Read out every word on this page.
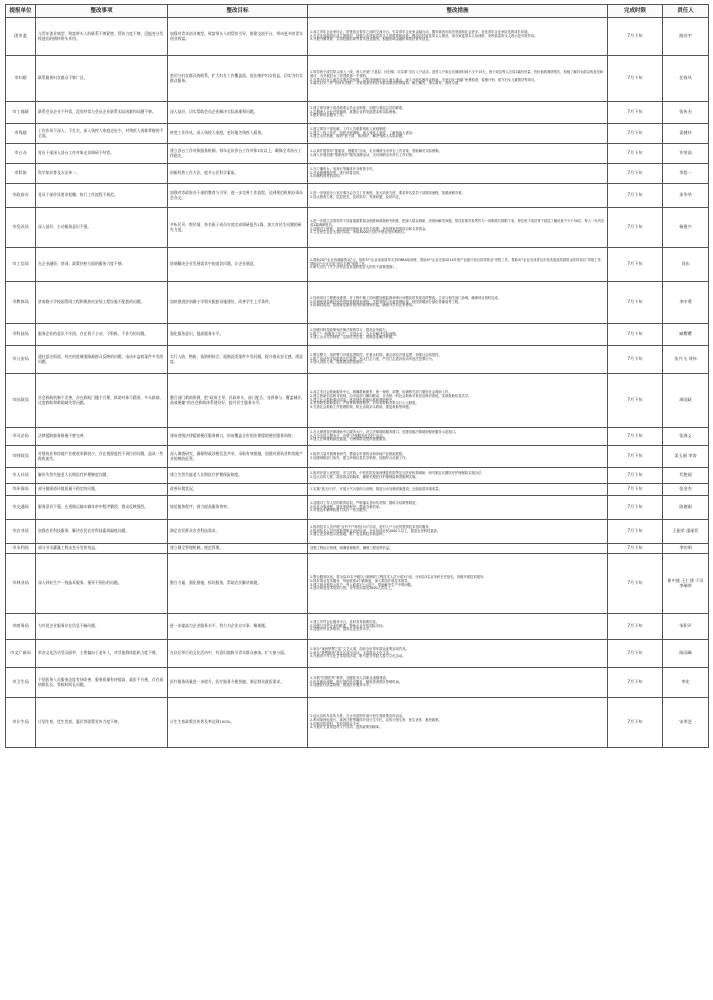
提报单位	整改事项	整改目标	整改措施	完成时限	责任人
团市委	与青年创业典型、致富带头人的联系不够紧密，帮扶力度不够，没能充分发挥他们的榜样带头作用。	加强对青年创业典型、致富带头人的帮扶引导，搭建交流平台，带动更多的青年创业致富。	1.成立青年企业家协会，搭建创业青年之间的交流平台，引导青年企业家金融互动，服务莱西市经济发展和社会进步，优化青年企业家队伍的成长环境。
2.在农业高新园区成立团组织，加强与农村致富带头人的联系和培养，摸清农村致富带头人情况，举办致富带头人培训班，发挥致富带头人的示范引领作用。
3.开展小额贷款、实用技能培训等青年创业服务，积极协调金融机构帮扶青年创业。	7月下旬	路苏宇
市妇联	联系服务妇女群众不够广泛。	密切与妇女群众的联系，扩大妇女工作覆盖面，依法维护妇女权益，切实为妇女群众服务。	1.领导班子成员带头深入一线，深入开展“下基层，访妇情，办实事”走访入户活动，进村入户和走访调研时间不少于15天，班子成员每人完成1篇有份量，有价值的调研报告，积极了解妇女群众的意见和建议，为开展妇女工作提供第一手资料。
2.完善为妇女儿童办实事长效机制，以帮扶困难妇女儿童为重点，深入开展贫困母亲救助、关爱妇女“两癌”免费检查、春蕾计划、留守妇女儿童帮扶等项目。
3.落实妇女工作“首问负责制”，对来电来访的妇女群众做到热情接待、耐心解答，细心疏导，及时反馈。	7月下旬	任春风
市工商联	联系会员企业不经常，没有经常与会员企业联系实际困难和问题不够。	深入基层，切实帮助会员企业解决实际困难和问题。	1.建立领导班子成员联系会员企业制度，加强与基层会员的联系。
2.定期深入企业开展调研，掌握企业的发展需求和实际困难。
3.做好商协会服务工作。	7月下旬	张传杰
市残联	工作作风不深入，不扎实，深入残疾人家庭走访少，对残疾人困难掌握的不全面。	转变工作作风，深入残疾人家庭，更好地为残疾人服务。	1.建立领导干部包镇、工作人员联系残疾人家庭制度。
2.建立一线工作法，组织开展调研，深入残疾人家庭，了解残疾人需求。
3.建立走访档案，做到“底子清、情况明”，解决残疾人实际问题。	7月下旬	姜健玲
市台办	党员干部深入涉台工作对象走访调研不经常。	建立涉台工作对象服务机制，每年走访涉台工作对象2次以上，确保全市涉台工作稳定。	1.认真开展领导“提素质、强服务”活动，走访调研全市涉台工作对象，帮助解决实际困难。
2.深入开展创建“情系两岸”服务品牌活动，走访调研全市涉台工作对象。	7月下旬	许培高
市科协	科学知识普及方法单一。	创新科普工作方法，提升公民科学素质。	1.在广播电台、电视台等媒体开办科普专栏。
2.开设微博微信等，进行科普宣传。
3.印刷科普材料宣传。	7月下旬	李思一
市政府办	党员干部作风要求松懈，执行工作流程不规范。	加强对市政府办干部的教育与引导，进一步完善工作流程，达到规范机制办事办会办文。	1.进一步规范办公室办事办会办文工作流程，加大培训力度，要求每名党员干部熟知流程，按照流程办事。
2.加大督查力度，层层把关，及时指导，发现问题，及时纠正。	7月下旬	朱华华
市发改局	深入基层、主动服务意识不强。	多听民声，察民情，每名班子成员年底完成调研报告1篇，加大对民生问题的研究力度。	1.进一步建立完善领导干部直接联系群众制度和调查研究制度，把深入群众调研，到现场解决问题，帮扶贫困对象等作为一项制度长期抓下来，每位班子成员每下基层了解民意不少于30次，每人一年内完成1篇调研报告。
2.加强对上联系，及时获取国家和省市有关政策，争取国家投资项目和支持资金。
3.立足民生农业大县的实际，争取3000万元的小型农田水利项目。	7月下旬	杨建兴
市工信局	在企业融资、培训、政策扶持方面的服务力度不够。	协调解决企业发展需求中的追切问题，让企业满意。	1.帮助20户企业协调融资1亿元，组织5户企业参加清华大学EMBA培训班，帮助5户企业完成2014年度产业振兴项目扶持资金“申报工作，帮助3户企业完成青岛市技术改造奖励资金扶持项目”申报工作，帮助2户企业完成“青岛名牌”申报工作。
2.研究出台《关于扶持企业发展转型壮大的若干政策措施》。	7月下旬	刘东
市教体局	济南路小学校园管网工程和换热站安装工程设施不配套的问题。	加快推进济南路小学相关配套设施建设，改善学生上学条件。	1.加快项目工程建设进度，对工程中施工的问题加强监督和审计问题及时发现及时整改，主动与相关部门协调，确保项目按时完成。
2.协调规划局做好校外供热管路规划审批，学校管网与市政管网衔接，校园供暖部分绿化带铺装等工程。
3.协调供电局，按照规定做好校内的规划和安装，确保开学后正常使用。	7月下旬	李中勇
市科技局	服务企业的意识不牢固，存在着不主动、不积极、不作为的问题。	强化服务意识，提高服务水平。	1.加强对科技政策和法律法规的学习，提高业务能力。
2.推广“一线服务工作法”，走进企业，为企业解决实际问题。
3.建立企业走访制度，定期走访企业，帮助企业解决问题。	7月下旬	臧樱樱
市公安局	通往夏庄街道、村庄的进城道路被群众反映的问题，电动车盗窃案件多发的问题。	实行入防、物防，技防相结合，遏制此类案件多发问题，提升群众安全感、满意度。	1.整合警力，组织警力开展巡逻防控，在重点时段、重点部位开展巡逻，加强社会面管控。
2.推广电动车安装防盗定位装置，加大打击力度，严厉打击盗窃电动车违法犯罪行为。
3.加大宣传力度，提高群众防范意识。	7月下旬	张兴飞 刘伟
市民政局	社会救助机制不完善，存在救助门槛不合理、救助对象不精准、多头救助、过度救助和救助缺失等问题。	整合部门救助资源，把“政府主导、民政牵头、部门配合、各界参与、覆盖城乡、高效便捷”的社会救助体系建设好，提升民生服务水平。	1.成立市社会救助服务中心，明确救助职责，统一规划，部署，协调相关部门做好社会救助工作。
2.建立救助信息核对机制，由市直部门横向联动，全市统一的社会救助对象信息核对系统，实现救助信息共享。
3.建立社会救助事项清单，逐项细化救助标准和救助程序。
4.坚持阳光救助原则，严格审核审批程序，对所有救助对象实行公示制度。
5.完善社会救助工作管理机制，防止出现多头救助、重复救助等问题。	7月下旬	周国政
市司法局	法律援助服务措施不够完善。	建成省级法律援助便民服务窗口，形成覆盖全市的法律援助便民服务网络。	1.在大厦建设法律援助中心服务大厅，设立法律援助服务窗口，创建省级法律援助便民服务示范窗口。
2.在全市设立服务点，开展“法律服务进农村”活动。
3.建立法律援助绿色通道，为困难群众提供便捷服务。	7月下旬	张海义
市财政局	对建筑业和房地产业税收来源较少，存在税源监控不到位的问题，造成一些税收流失。	深入调查研究，确保财政涉税信息共享，采取有效措施，加强对建筑业和房地产业的税收征管。	1.组织力量开展调查研究，摸清全市建筑业和房地产业税源底数。
2.加强财税部门协作，建立涉税信息共享机制，加强综合治税工作。	7月下旬	姜玉刚 李涛
市人社局	解决失智失能老人长期医疗护理制度问题。	建立失智失能老人长期医疗护理保险制度。	1.组织开展人民医院、市立医院、中医医院及莱西康复医院等定点医疗机构调研，研究制定长期医疗护理保险实施办法。
2.加大宣传力度，提高群众知晓率，确保长期医疗护理保险制度顺利实施。	7月下旬	代艳丽
市环保局	部分镇街道环境质量不稳定的问题。	改善环境状况。	1.实施“蓝天行动”，开展大气污染综合治理，推进污水处理设施建设，全面改善环境质量。	7月下旬	张金杰
市交通局	服务意识不强，在道路运输车辆年审中程序繁琐，群众反映强烈。	规范服务程序，着力提高服务效率。	1.加强对工作人员的教育培训，严格落实首问负责制、限时办结制等制度。
2.优化办事流程，简化审批程序，提高办事效率。
3.对营运车辆审验窗口实行一站式服务。	7月下旬	陈德刚
市农业局	加强农业科技服务，解决农民农业科技素质偏低问题。	满足农民群众农业科技需求。	1.组织技术人员开展“百村千户科技行动”活动，进村入户为农民提供技术指导服务。
2.组织技术人员开展新型职业农民培训，全年培训农民2000人以上，提高农民科技素质。
3.建立农业科技示范基地，推广农业新技术新品种。	7月下旬	王振荣 邵丽臣
市水利局	部分节水灌溉工程未充分发挥效益。	建立健全管理机制，规范管理。	加强工程运行管理，明确管理职责，确保工程发挥效益。	7月下旬	李功明
市林业局	深入林业生产一线技术服务、指导不到位的问题。	整合力量，强化措施，抓好服务，帮助农民解决难题。	1.整合服务队伍，将全局12名中级以上职称的工程技术人员分成3个组，分别由3名业务科长任组长，到镇开展技术服务。
2.抓好果业技术服务，每组联系4个镇街道，深入果园开展技术指导。
3.建立林业科技示范户，每人联系2个示范户，帮助解决生产中的问题。
4.加大林业技术培训力度，全年培训果农2000人次以上。	7月下旬	崔中波 王仁建 于洋 李瑞荣
市商务局	为外贸企业服务存在信息不畅问题。	进一步提高为企业服务水平，努力为企业办实事、解难题。	1.建立外贸企业服务平台，及时发布政策信息。
2.加强与外贸企业的联系，帮助企业开拓国际市场。
3.加强外贸业务培训，提高企业业务水平。	7月下旬	邹积声
市文广新局	举办文化活动受众面窄，主要偏向于老年人，对其他群体组织力度不够。	在以后举行的文化活动中，有意识地吸引青年群众参加，扩大参与面。	1.举办“莱西梦想之星”文艺大赛，面向全市青年群众征集参赛作品。
2.举办“梦想剧场”进社区演出活动，丰富群众文化生活。
3.开展青少年文化艺术培训活动，吸引更多年轻人参与文化活动。	7月下旬	陈国峰
市卫生局	个别医务人员服务态度有待改善，服务质量有待提高，就医不方便，存在看病排队长、等候时间长问题。	医疗服务质量进一步提升，医疗服务方便快捷，满足群众就医需求。	1.开展“医德医风”教育，加强医务人员职业道德建设。
2.优化就诊流程，推行预约诊疗服务，缩短患者排队等候时间。
3.加强医疗质量管理，提高医疗服务水平。	7月下旬	李宏
市计生局	计划生育，优生优育，惠民等政策宣传力度不够。	计生生育政策宣传普及率达到100%。	1.加大宣传车宣传力度，在全市范围开展计划生育政策宣传活动。
2.利用莱西电视台、莱西日报等媒体开设计生专栏，宣传计划生育、优生优育、惠民政策。
3.印制宣传资料，发放到群众手中。
4.开展计生宣传进村入户活动，提高政策知晓率。	7月下旬	宋翠芝
